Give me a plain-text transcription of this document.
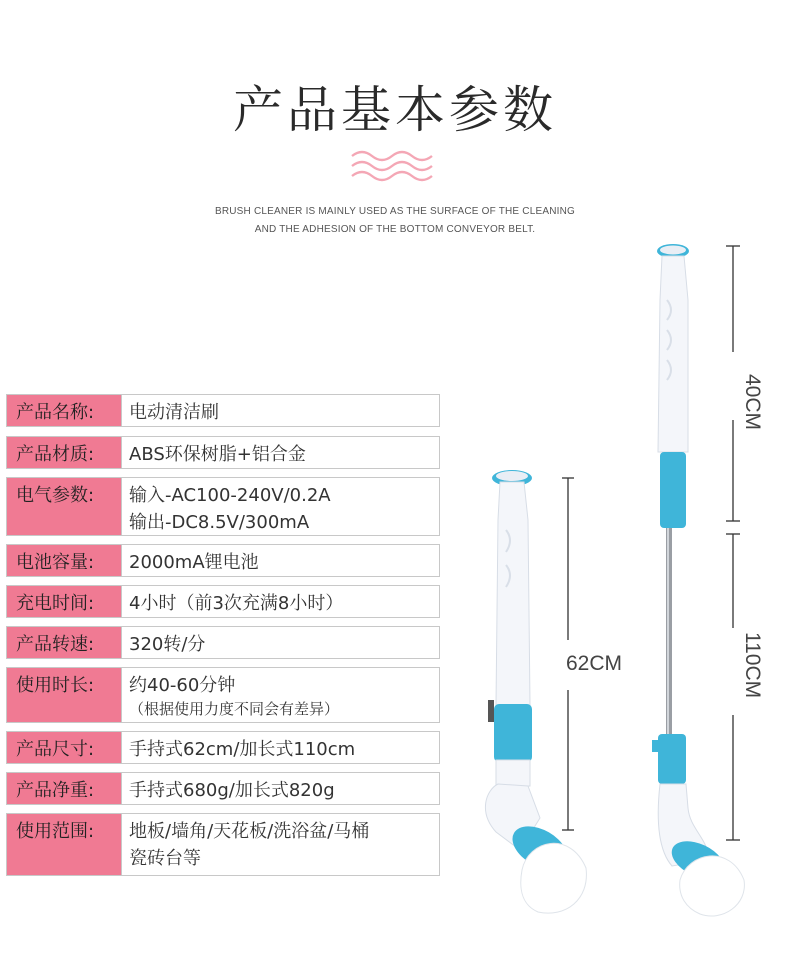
产品基本参数
BRUSH CLEANER IS MAINLY USED AS THE SURFACE OF THE CLEANING
AND THE ADHESION OF THE BOTTOM CONVEYOR BELT.
产品名称: 电动清洁刷
产品材质: ABS环保树脂+铝合金
电气参数: 输入-AC100-240V/0.2A
输出-DC8.5V/300mA
电池容量: 2000mA锂电池
充电时间: 4小时（前3次充满8小时）
产品转速: 320转/分
使用时长: 约40-60分钟
（根据使用力度不同会有差异）
产品尺寸: 手持式62cm/加长式110cm
产品净重: 手持式680g/加长式820g
使用范围: 地板/墙角/天花板/洗浴盆/马桶
瓷砖台等
62CM
40CM
110CM
